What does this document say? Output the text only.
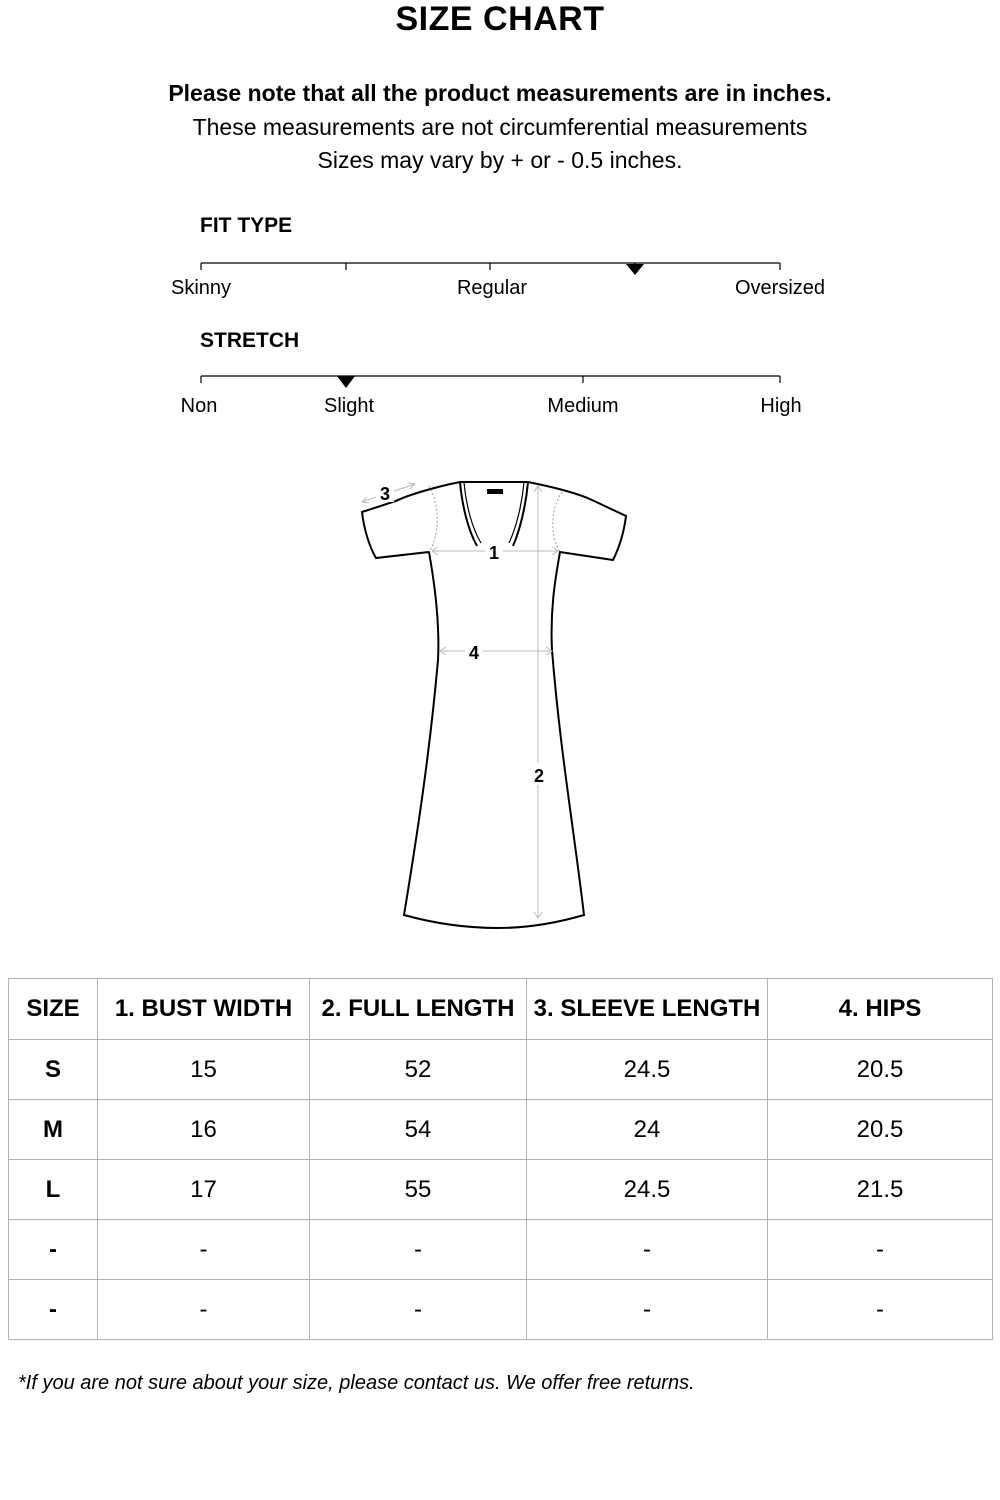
SIZE CHART
Please note that all the product measurements are in inches.
These measurements are not circumferential measurements
Sizes may vary by + or - 0.5 inches.
FIT TYPE
Skinny	Regular	Oversized
STRETCH
Non	Slight	Medium	High
1
2
3
4
SIZE	1. BUST WIDTH	2. FULL LENGTH	3. SLEEVE LENGTH	4. HIPS
S	15	52	24.5	20.5
M	16	54	24	20.5
L	17	55	24.5	21.5
-	-	-	-	-
-	-	-	-	-
*If you are not sure about your size, please contact us. We offer free returns.
